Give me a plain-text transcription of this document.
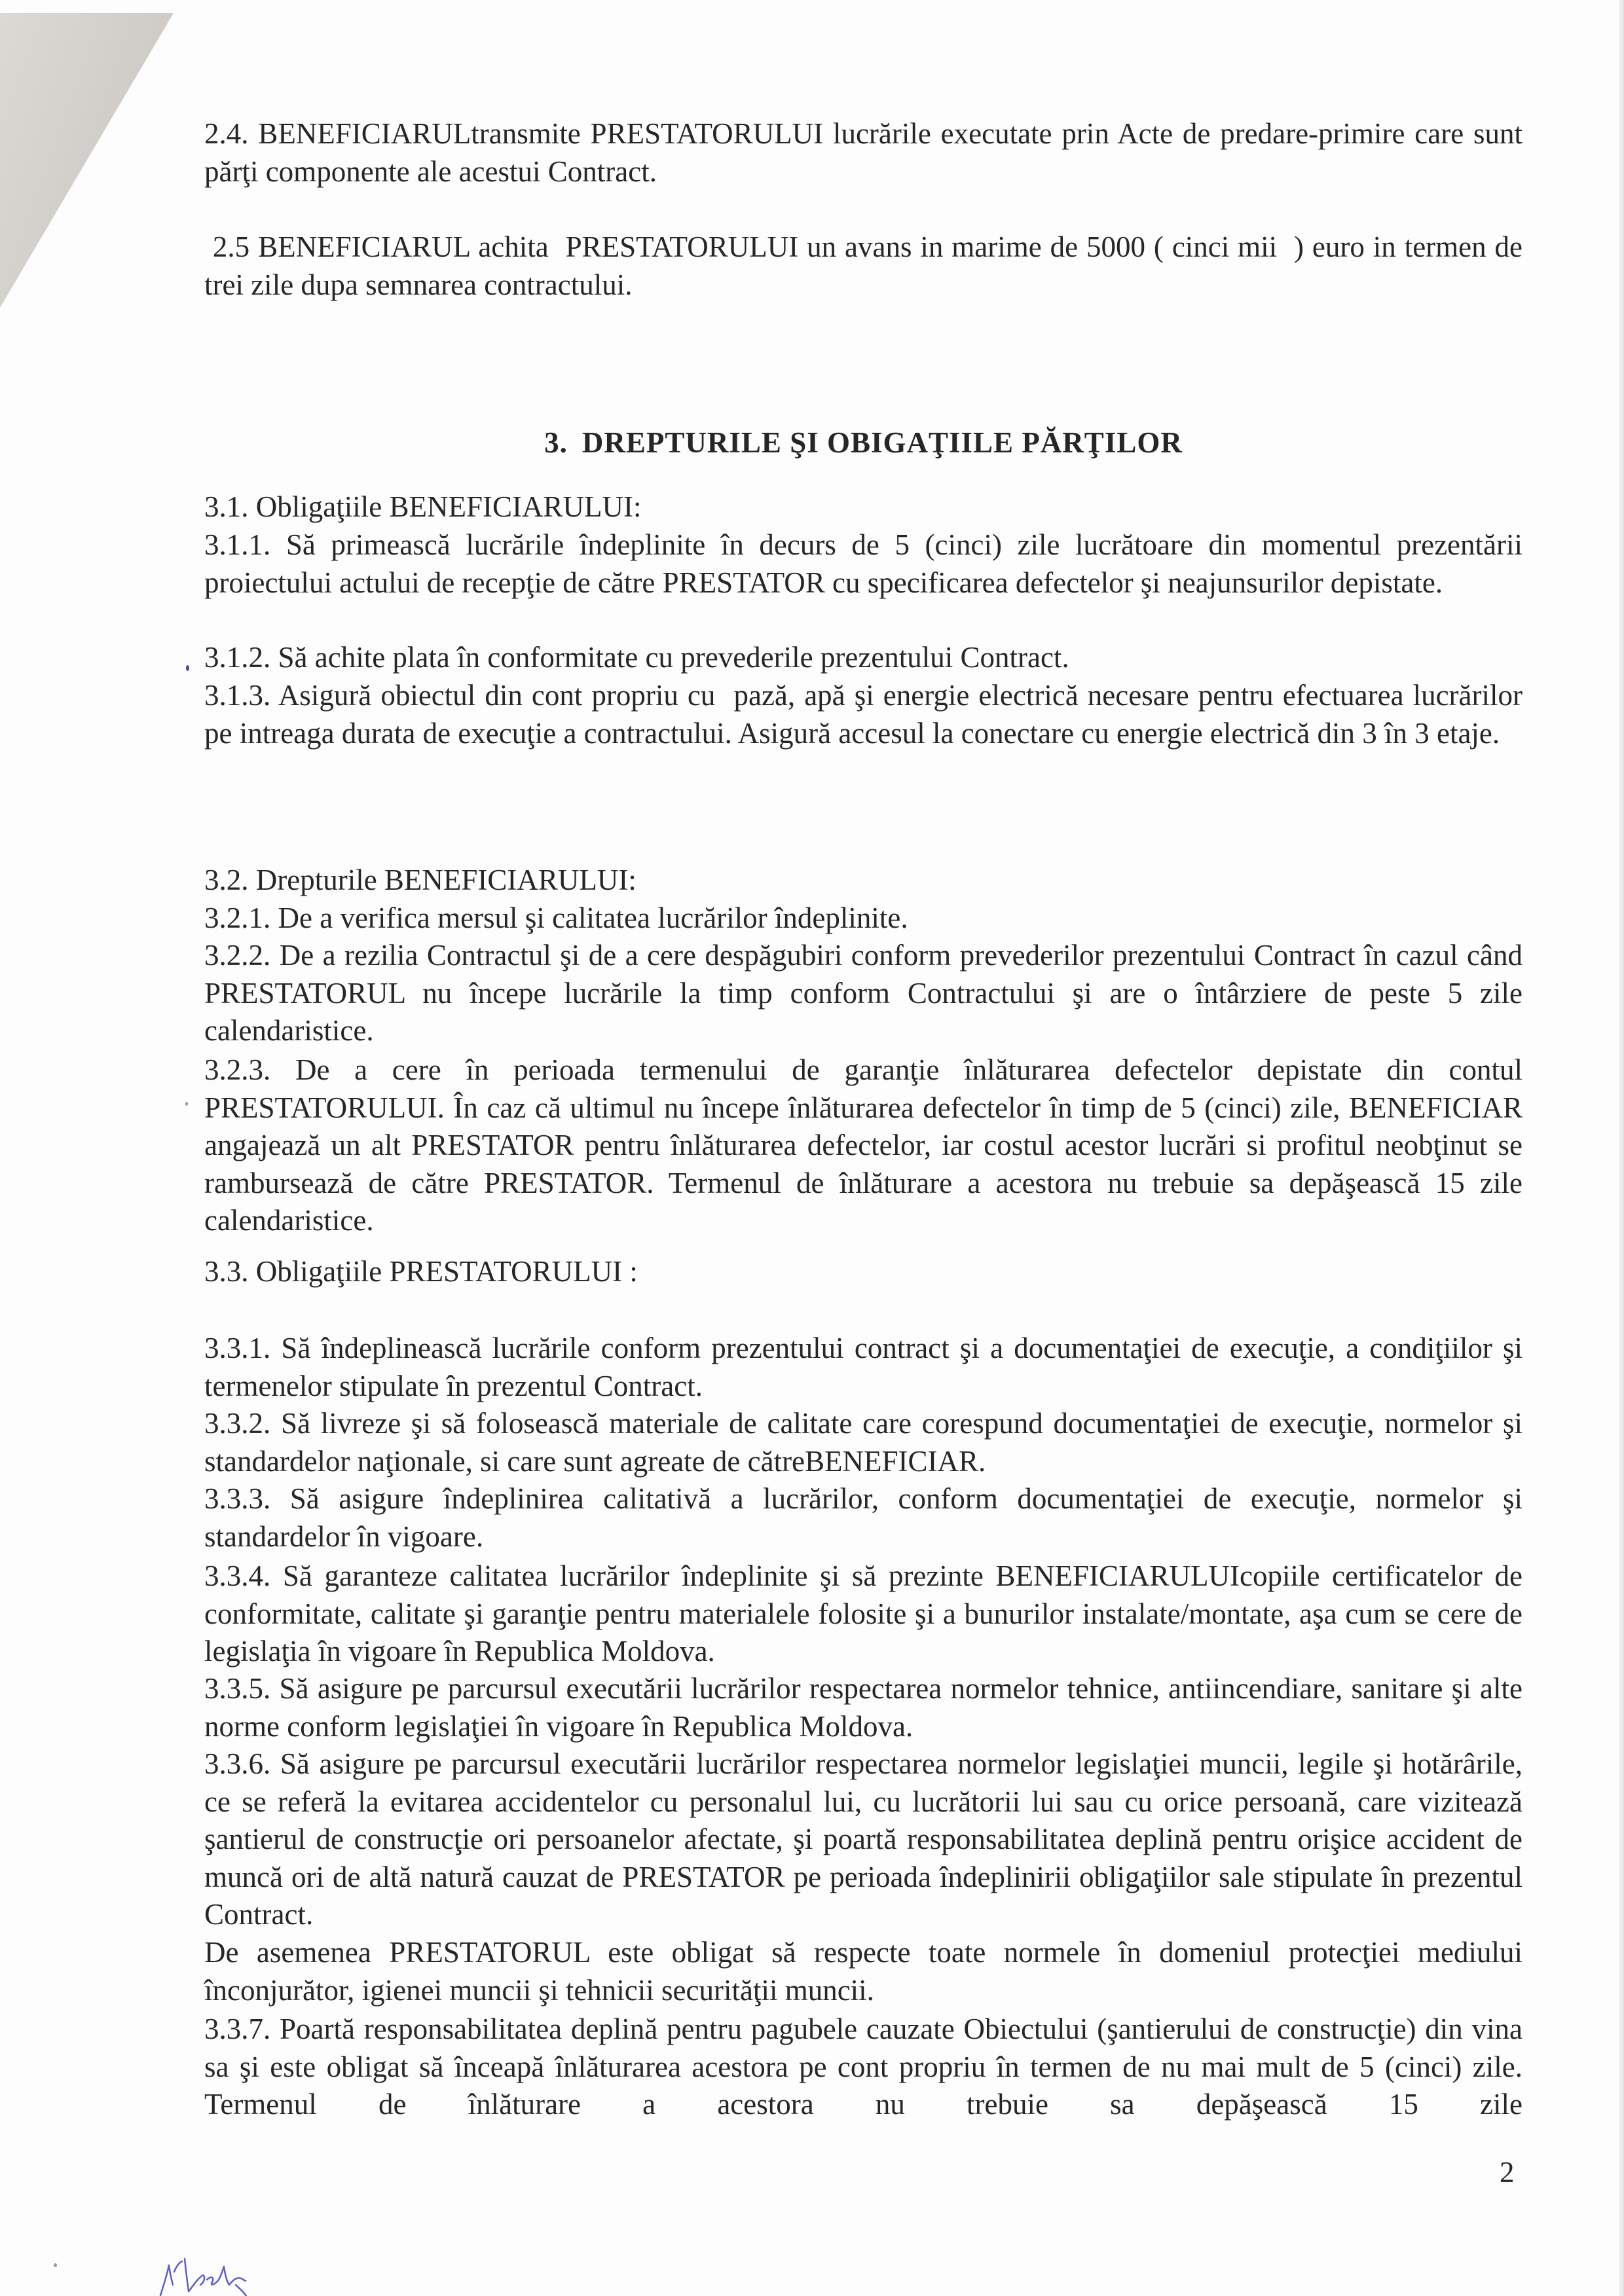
2.4. BENEFICIARULtransmite PRESTATORULUI lucrările executate prin Acte de predare-primire care sunt părţi componente ale acestui Contract.

2.5 BENEFICIARUL achita  PRESTATORULUI un avans in marime de 5000 ( cinci mii  ) euro in termen de trei zile dupa semnarea contractului.

3. DREPTURILE ŞI OBIGAŢIILE PĂRŢILOR

3.1. Obligaţiile BENEFICIARULUI:

3.1.1. Să primească lucrările îndeplinite în decurs de 5 (cinci) zile lucrătoare din momentul prezentării proiectului actului de recepţie de către PRESTATOR cu specificarea defectelor şi neajunsurilor depistate.

3.1.2. Să achite plata în conformitate cu prevederile prezentului Contract.

3.1.3. Asigură obiectul din cont propriu cu  pază, apă şi energie electrică necesare pentru efectuarea lucrărilor pe intreaga durata de execuţie a contractului. Asigură accesul la conectare cu energie electrică din 3 în 3 etaje.

3.2. Drepturile BENEFICIARULUI:

3.2.1. De a verifica mersul şi calitatea lucrărilor îndeplinite.

3.2.2. De a rezilia Contractul şi de a cere despăgubiri conform prevederilor prezentului Contract în cazul când PRESTATORUL nu începe lucrările la timp conform Contractului şi are o întârziere de peste 5 zile calendaristice.

3.2.3. De a cere în perioada termenului de garanţie înlăturarea defectelor depistate din contul PRESTATORULUI. În caz că ultimul nu începe înlăturarea defectelor în timp de 5 (cinci) zile, BENEFICIAR angajează un alt PRESTATOR pentru înlăturarea defectelor, iar costul acestor lucrări si profitul neobţinut se rambursează de către PRESTATOR. Termenul de înlăturare a acestora nu trebuie sa depăşească 15 zile calendaristice.

3.3. Obligaţiile PRESTATORULUI :

3.3.1. Să îndeplinească lucrările conform prezentului contract şi a documentaţiei de execuţie, a condiţiilor şi termenelor stipulate în prezentul Contract.

3.3.2. Să livreze şi să folosească materiale de calitate care corespund documentaţiei de execuţie, normelor şi standardelor naţionale, si care sunt agreate de cătreBENEFICIAR.

3.3.3. Să asigure îndeplinirea calitativă a lucrărilor, conform documentaţiei de execuţie, normelor şi standardelor în vigoare.

3.3.4. Să garanteze calitatea lucrărilor îndeplinite şi să prezinte BENEFICIARULUIcopiile certificatelor de conformitate, calitate şi garanţie pentru materialele folosite şi a bunurilor instalate/montate, aşa cum se cere de legislaţia în vigoare în Republica Moldova.

3.3.5. Să asigure pe parcursul executării lucrărilor respectarea normelor tehnice, antiincendiare, sanitare şi alte norme conform legislaţiei în vigoare în Republica Moldova.

3.3.6. Să asigure pe parcursul executării lucrărilor respectarea normelor legislaţiei muncii, legile şi hotărârile, ce se referă la evitarea accidentelor cu personalul lui, cu lucrătorii lui sau cu orice persoană, care vizitează şantierul de construcţie ori persoanelor afectate, şi poartă responsabilitatea deplină pentru orişice accident de muncă ori de altă natură cauzat de PRESTATOR pe perioada îndeplinirii obligaţiilor sale stipulate în prezentul Contract.

De asemenea PRESTATORUL este obligat să respecte toate normele în domeniul protecţiei mediului înconjurător, igienei muncii şi tehnicii securităţii muncii.

3.3.7. Poartă responsabilitatea deplină pentru pagubele cauzate Obiectului (şantierului de construcţie) din vina sa şi este obligat să înceapă înlăturarea acestora pe cont propriu în termen de nu mai mult de 5 (cinci) zile. Termenul de înlăturare a acestora nu trebuie sa depăşească 15 zile

2
